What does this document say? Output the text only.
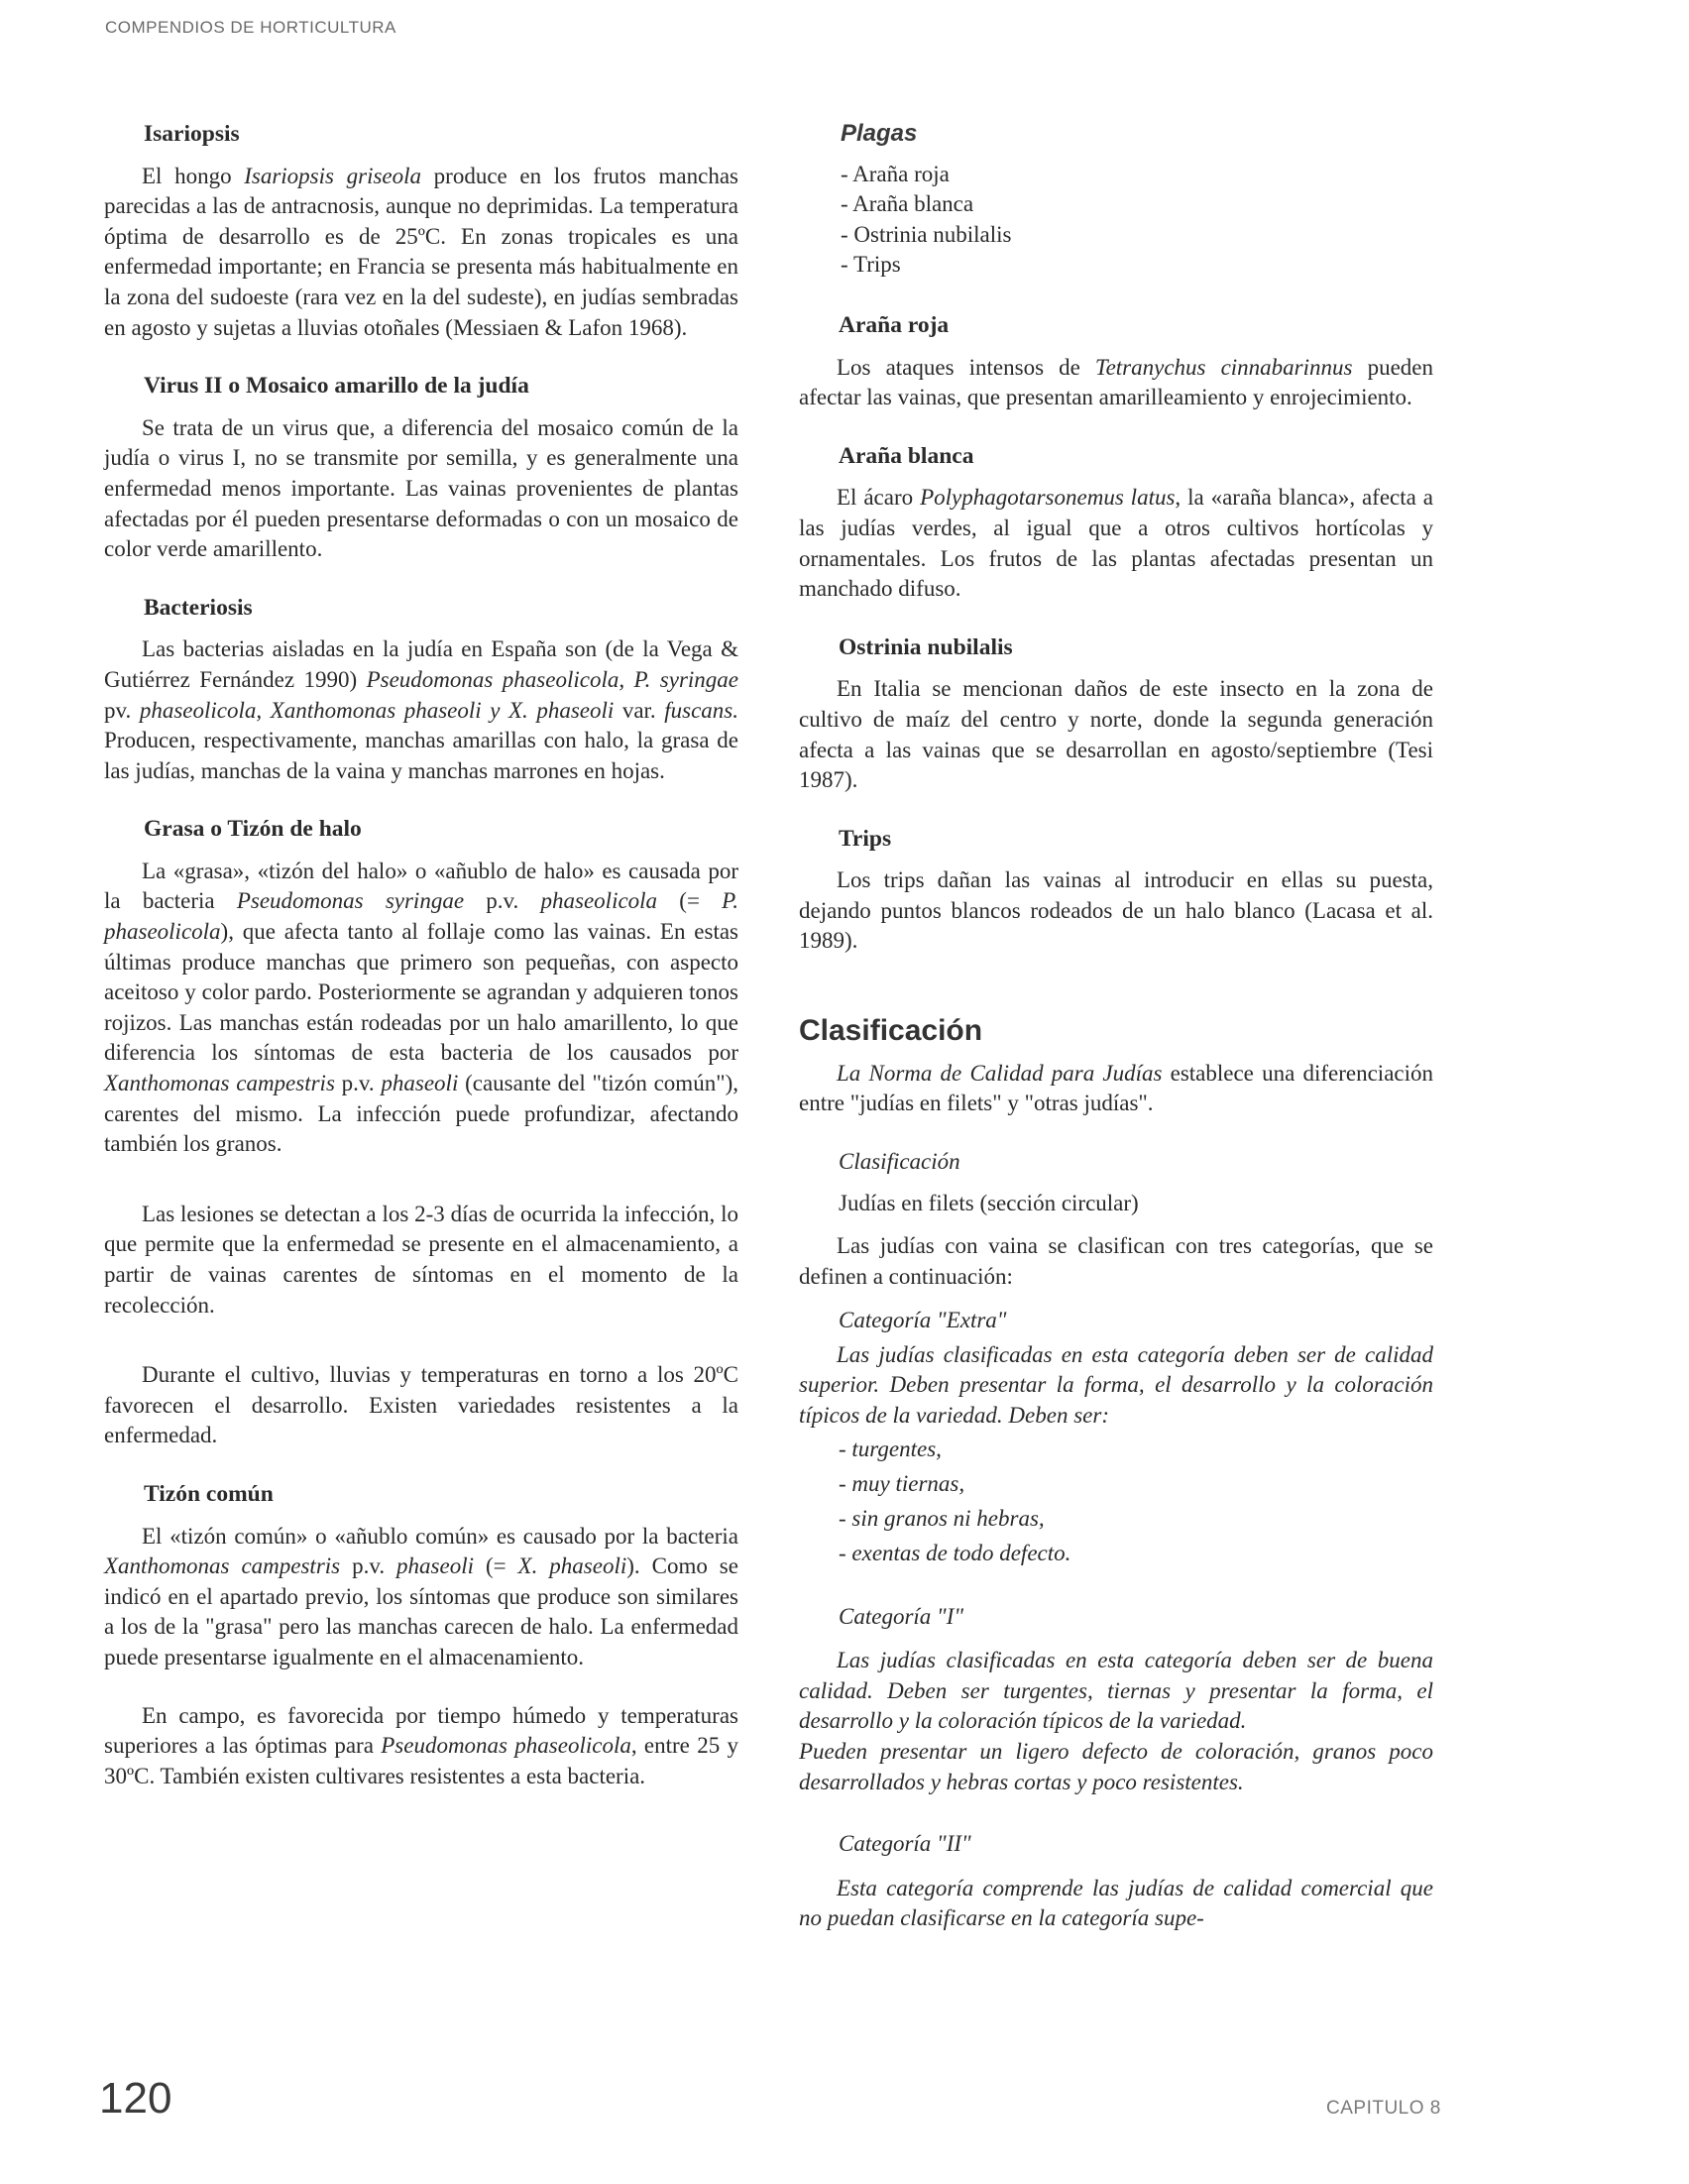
COMPENDIOS DE HORTICULTURA
Isariopsis

El hongo Isariopsis griseola produce en los frutos manchas parecidas a las de antracnosis, aunque no deprimidas. La temperatura óptima de desarrollo es de 25ºC. En zonas tropicales es una enfermedad importante; en Francia se presenta más habitualmente en la zona del sudoeste (rara vez en la del sudeste), en judías sembradas en agosto y sujetas a lluvias otoñales (Messiaen & Lafon 1968).

Virus II o Mosaico amarillo de la judía

Se trata de un virus que, a diferencia del mosaico común de la judía o virus I, no se transmite por semilla, y es generalmente una enfermedad menos importante. Las vainas provenientes de plantas afectadas por él pueden presentarse deformadas o con un mosaico de color verde amarillento.

Bacteriosis

Las bacterias aisladas en la judía en España son (de la Vega & Gutiérrez Fernández 1990) Pseudomonas phaseolicola, P. syringae pv. phaseolicola, Xanthomonas phaseoli y X. phaseoli var. fuscans. Producen, respectivamente, manchas amarillas con halo, la grasa de las judías, manchas de la vaina y manchas marrones en hojas.

Grasa o Tizón de halo

La «grasa», «tizón del halo» o «añublo de halo» es causada por la bacteria Pseudomonas syringae p.v. phaseolicola (= P. phaseolicola), que afecta tanto al follaje como las vainas. En estas últimas produce manchas que primero son pequeñas, con aspecto aceitoso y color pardo. Posteriormente se agrandan y adquieren tonos rojizos. Las manchas están rodeadas por un halo amarillento, lo que diferencia los síntomas de esta bacteria de los causados por Xanthomonas campestris p.v. phaseoli (causante del "tizón común"), carentes del mismo. La infección puede profundizar, afectando también los granos.

Las lesiones se detectan a los 2-3 días de ocurrida la infección, lo que permite que la enfermedad se presente en el almacenamiento, a partir de vainas carentes de síntomas en el momento de la recolección.

Durante el cultivo, lluvias y temperaturas en torno a los 20ºC favorecen el desarrollo. Existen variedades resistentes a la enfermedad.

Tizón común

El «tizón común» o «añublo común» es causado por la bacteria Xanthomonas campestris p.v. phaseoli (= X. phaseoli). Como se indicó en el apartado previo, los síntomas que produce son similares a los de la "grasa" pero las manchas carecen de halo. La enfermedad puede presentarse igualmente en el almacenamiento.

En campo, es favorecida por tiempo húmedo y temperaturas superiores a las óptimas para Pseudomonas phaseolicola, entre 25 y 30ºC. También existen cultivares resistentes a esta bacteria.

Plagas
- Araña roja
- Araña blanca
- Ostrinia nubilalis
- Trips
Araña roja

Los ataques intensos de Tetranychus cinnabarinnus pueden afectar las vainas, que presentan amarilleamiento y enrojecimiento.

Araña blanca

El ácaro Polyphagotarsonemus latus, la «araña blanca», afecta a las judías verdes, al igual que a otros cultivos hortícolas y ornamentales. Los frutos de las plantas afectadas presentan un manchado difuso.

Ostrinia nubilalis

En Italia se mencionan daños de este insecto en la zona de cultivo de maíz del centro y norte, donde la segunda generación afecta a las vainas que se desarrollan en agosto/septiembre (Tesi 1987).

Trips

Los trips dañan las vainas al introducir en ellas su puesta, dejando puntos blancos rodeados de un halo blanco (Lacasa et al. 1989).

Clasificación

La Norma de Calidad para Judías establece una diferenciación entre "judías en filets" y "otras judías".

Clasificación
Judías en filets (sección circular)

Las judías con vaina se clasifican con tres categorías, que se definen a continuación:

Categoría "Extra"

Las judías clasificadas en esta categoría deben ser de calidad superior. Deben presentar la forma, el desarrollo y la coloración típicos de la variedad. Deben ser:

- turgentes,
- muy tiernas,
- sin granos ni hebras,
- exentas de todo defecto.
Categoría "I"

Las judías clasificadas en esta categoría deben ser de buena calidad. Deben ser turgentes, tiernas y presentar la forma, el desarrollo y la coloración típicos de la variedad.

Pueden presentar un ligero defecto de coloración, granos poco desarrollados y hebras cortas y poco resistentes.

Categoría "II"

Esta categoría comprende las judías de calidad comercial que no puedan clasificarse en la categoría supe-

120	CAPITULO 8
